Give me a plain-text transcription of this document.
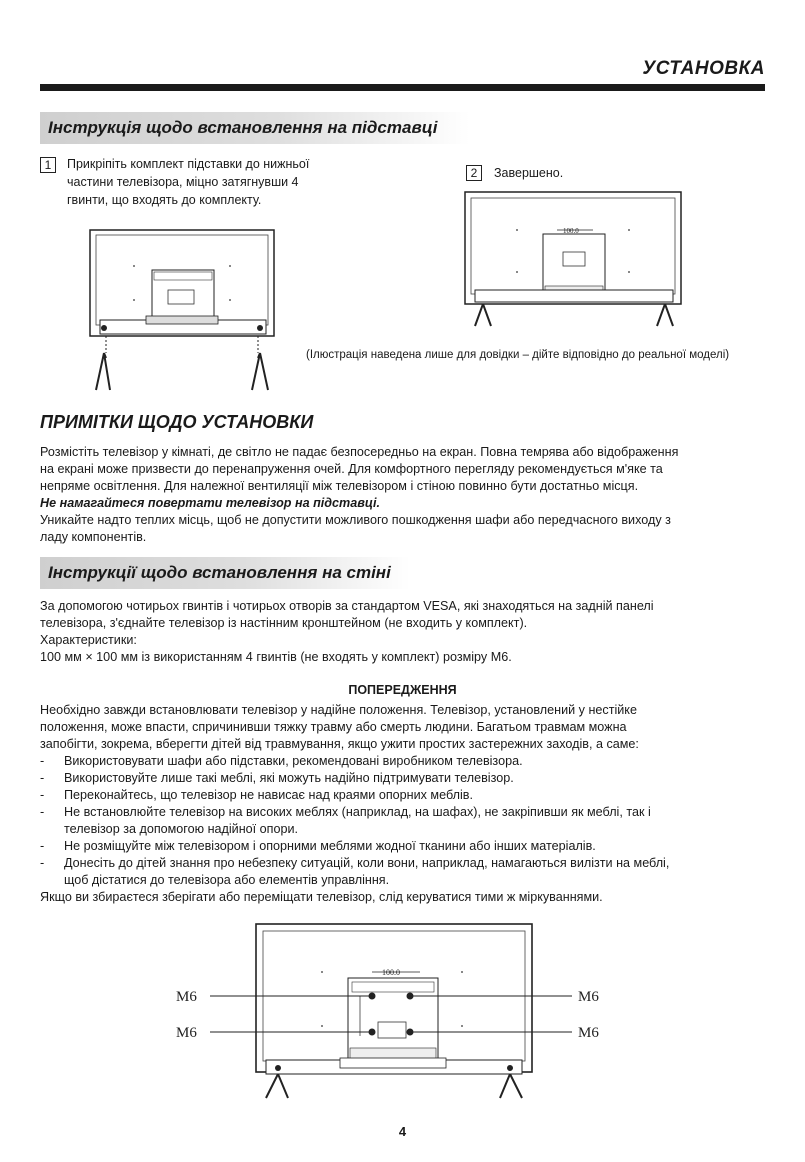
УСТАНОВКА
Інструкція щодо встановлення на підставці
1	Прикріпіть комплект підставки до нижньої
частини телевізора, міцно затягнувши 4
гвинти, що входять до комплекту.
2	Завершено.
100.0
(Ілюстрація наведена лише для довідки – дійте відповідно до реальної моделі)
ПРИМІТКИ ЩОДО УСТАНОВКИ
Розмістіть телевізор у кімнаті, де світло не падає безпосередньо на екран. Повна темрява або відображення
на екрані може призвести до перенапруження очей. Для комфортного перегляду рекомендується м'яке та
непряме освітлення. Для належної вентиляції між телевізором і стіною повинно бути достатньо місця.
Не намагайтеся повертати телевізор на підставці.
Уникайте надто теплих місць, щоб не допустити можливого пошкодження шафи або передчасного виходу з
ладу компонентів.
Інструкції щодо встановлення на стіні
За допомогою чотирьох гвинтів і чотирьох отворів за стандартом VESA, які знаходяться на задній панелі
телевізора, з'єднайте телевізор із настінним кронштейном (не входить у комплект).
Характеристики:
100 мм × 100 мм із використанням 4 гвинтів (не входять у комплект) розміру М6.
ПОПЕРЕДЖЕННЯ
Необхідно завжди встановлювати телевізор у надійне положення. Телевізор, установлений у нестійке
положення, може впасти, спричинивши тяжку травму або смерть людини. Багатьом травмам можна
запобігти, зокрема, вберегти дітей від травмування, якщо ужити простих застережних заходів, а саме:
- Використовувати шафи або підставки, рекомендовані виробником телевізора.
- Використовуйте лише такі меблі, які можуть надійно підтримувати телевізор.
- Переконайтесь, що телевізор не нависає над краями опорних меблів.
- Не встановлюйте телевізор на високих меблях (наприклад, на шафах), не закріпивши як меблі, так і
телевізор за допомогою надійної опори.
- Не розміщуйте між телевізором і опорними меблями жодної тканини або інших матеріалів.
- Донесіть до дітей знання про небезпеку ситуацій, коли вони, наприклад, намагаються вилізти на меблі,
щоб дістатися до телевізора або елементів управління.
Якщо ви збираєтеся зберігати або переміщати телевізор, слід керуватися тими ж міркуваннями.
100.0
M6	M6
M6	M6
4
